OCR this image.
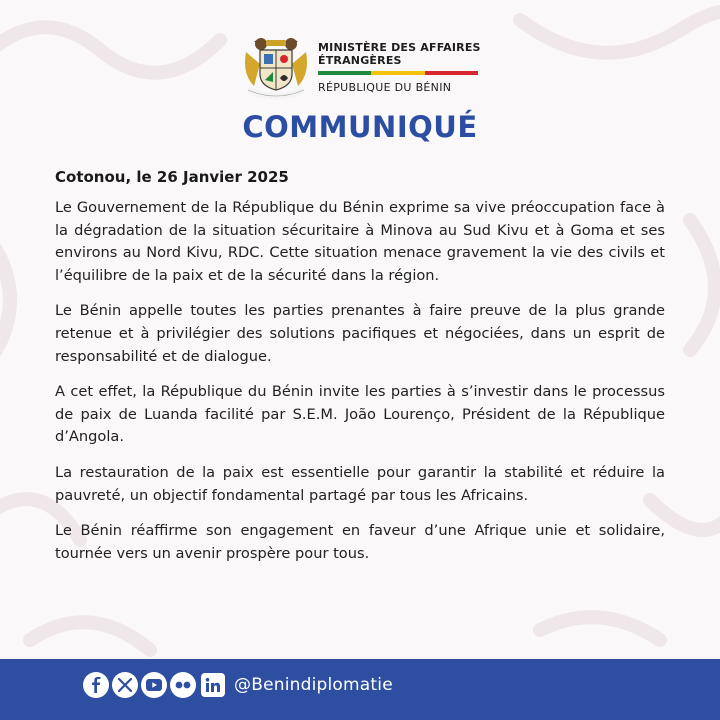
MINISTÈRE DES AFFAIRES
ÉTRANGÈRES
RÉPUBLIQUE DU BÉNIN
COMMUNIQUÉ

Cotonou, le 26 Janvier 2025

Le Gouvernement de la République du Bénin exprime sa vive préoccupation face à la dégradation de la situation sécuritaire à Minova au Sud Kivu et à Goma et ses environs au Nord Kivu, RDC. Cette situation menace gravement la vie des civils et l’équilibre de la paix et de la sécurité dans la région.

Le Bénin appelle toutes les parties prenantes à faire preuve de la plus grande retenue et à privilégier des solutions pacifiques et négociées, dans un esprit de responsabilité et de dialogue.

A cet effet, la République du Bénin invite les parties à s’investir dans le processus de paix de Luanda facilité par S.E.M. João Lourenço, Président de la République d’Angola.

La restauration de la paix est essentielle pour garantir la stabilité et réduire la pauvreté, un objectif fondamental partagé par tous les Africains.

Le Bénin réaffirme son engagement en faveur d’une Afrique unie et solidaire, tournée vers un avenir prospère pour tous.

@Benindiplomatie
